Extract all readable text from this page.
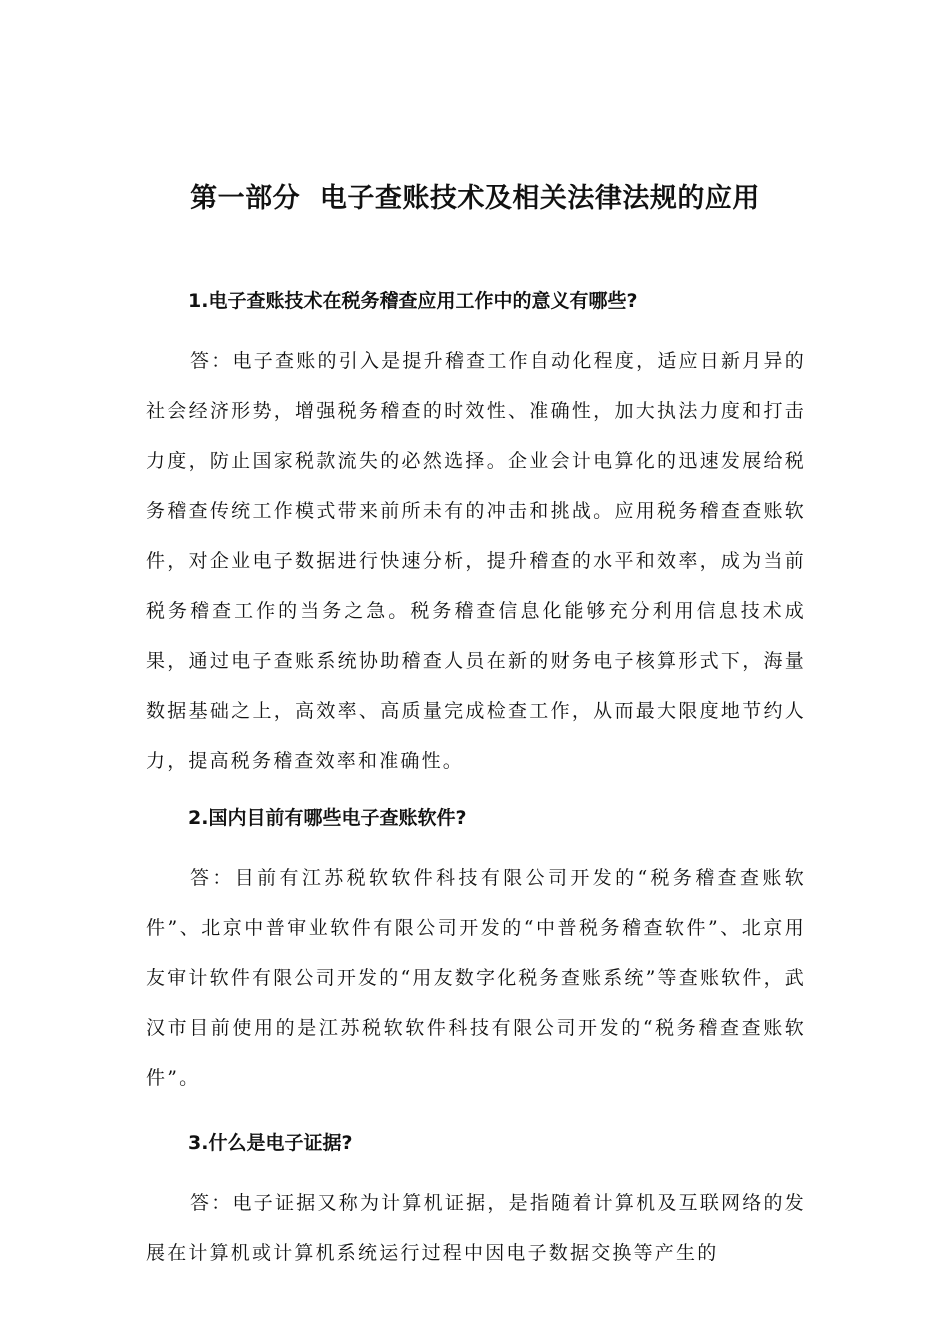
第一部分  电子查账技术及相关法律法规的应用

1.电子查账技术在税务稽查应用工作中的意义有哪些?

答：电子查账的引入是提升稽查工作自动化程度，适应日新月异的社会经济形势，增强税务稽查的时效性、准确性，加大执法力度和打击力度，防止国家税款流失的必然选择。企业会计电算化的迅速发展给税务稽查传统工作模式带来前所未有的冲击和挑战。应用税务稽查查账软件，对企业电子数据进行快速分析，提升稽查的水平和效率，成为当前税务稽查工作的当务之急。税务稽查信息化能够充分利用信息技术成果，通过电子查账系统协助稽查人员在新的财务电子核算形式下，海量数据基础之上，高效率、高质量完成检查工作，从而最大限度地节约人力，提高税务稽查效率和准确性。

2.国内目前有哪些电子查账软件?

答：目前有江苏税软软件科技有限公司开发的“税务稽查查账软件”、北京中普审业软件有限公司开发的“中普税务稽查软件”、北京用友审计软件有限公司开发的“用友数字化税务查账系统”等查账软件，武汉市目前使用的是江苏税软软件科技有限公司开发的“税务稽查查账软件”。

3.什么是电子证据?

答：电子证据又称为计算机证据，是指随着计算机及互联网络的发展在计算机或计算机系统运行过程中因电子数据交换等产生的
